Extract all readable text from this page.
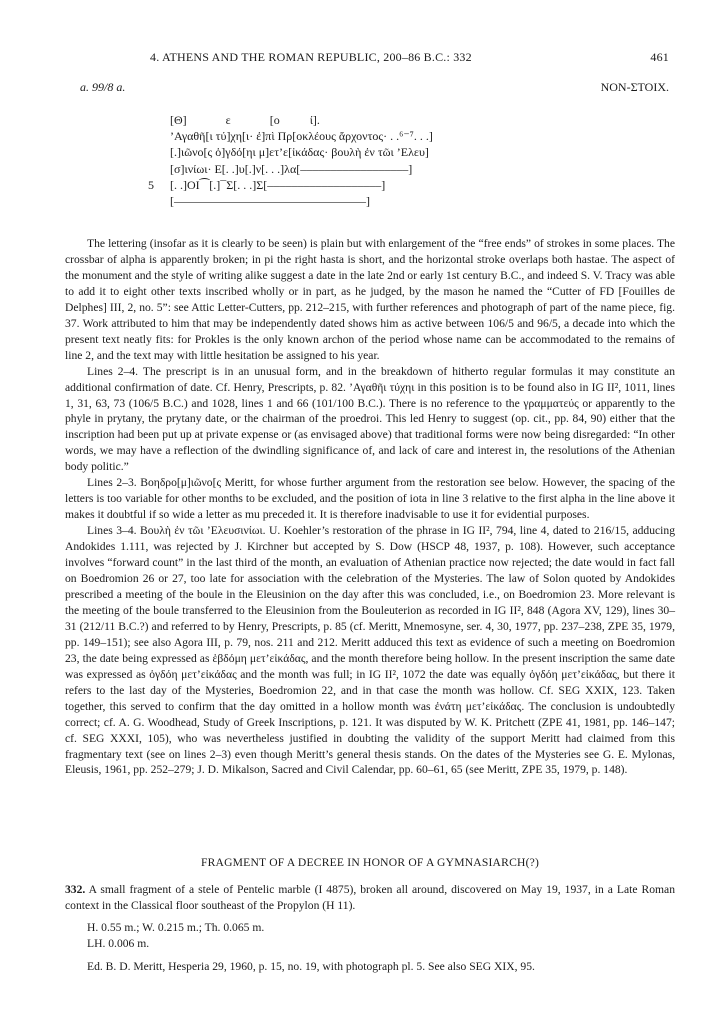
4. ATHENS AND THE ROMAN REPUBLIC, 200–86 B.C.: 332	461
a. 99/8 a.	NON-ΣΤΟΙΧ.
[Θ]             ε             [ο          ί].
’Αγαθῆ[ι τύ]χη[ι· ἐ]πὶ Πρ[οκλέους ἄρχοντος· . .⁶⁻⁷. . .]
[.]ιῶνο[ς ὀ]γδό[ηι μ]ετ’ε[ἰκάδας· βουλὴ ἐν τῶι ’Ελευ]
[σ]ινίωι· Ε[. .]υ[.]ν[. . .]λα[––––––––––––––––––]
5 [. .]ΟΙ⁀[.]¯Σ[. . .]Σ[–––––––––––––––––––]
[––––––––––––––––––––––––––––––––]

The lettering (insofar as it is clearly to be seen) is plain but with enlargement of the “free ends” of strokes in some places. The crossbar of alpha is apparently broken; in pi the right hasta is short, and the horizontal stroke overlaps both hastae. The aspect of the monument and the style of writing alike suggest a date in the late 2nd or early 1st century B.C., and indeed S. V. Tracy was able to add it to eight other texts inscribed wholly or in part, as he judged, by the mason he named the “Cutter of FD [Fouilles de Delphes] III, 2, no. 5”: see Attic Letter-Cutters, pp. 212–215, with further references and photograph of part of the name piece, fig. 37. Work attributed to him that may be independently dated shows him as active between 106/5 and 96/5, a decade into which the present text neatly fits: for Prokles is the only known archon of the period whose name can be accommodated to the remains of line 2, and the text may with little hesitation be assigned to his year.

Lines 2–4. The prescript is in an unusual form, and in the breakdown of hitherto regular formulas it may constitute an additional confirmation of date. Cf. Henry, Prescripts, p. 82. ’Αγαθῆι τύχηι in this position is to be found also in IG II², 1011, lines 1, 31, 63, 73 (106/5 B.C.) and 1028, lines 1 and 66 (101/100 B.C.). There is no reference to the γραμματεύς or apparently to the phyle in prytany, the prytany date, or the chairman of the proedroi. This led Henry to suggest (op. cit., pp. 84, 90) either that the inscription had been put up at private expense or (as envisaged above) that traditional forms were now being disregarded: “In other words, we may have a reflection of the dwindling significance of, and lack of care and interest in, the resolutions of the Athenian body politic.”

Lines 2–3. Βοηδρο[μ]ιῶνο[ς Meritt, for whose further argument from the restoration see below. However, the spacing of the letters is too variable for other months to be excluded, and the position of iota in line 3 relative to the first alpha in the line above it makes it doubtful if so wide a letter as mu preceded it. It is therefore inadvisable to use it for evidential purposes.

Lines 3–4. Βουλὴ ἐν τῶι ’Ελευσινίωι. U. Koehler’s restoration of the phrase in IG II², 794, line 4, dated to 216/15, adducing Andokides 1.111, was rejected by J. Kirchner but accepted by S. Dow (HSCP 48, 1937, p. 108). However, such acceptance involves “forward count” in the last third of the month, an evaluation of Athenian practice now rejected; the date would in fact fall on Boedromion 26 or 27, too late for association with the celebration of the Mysteries. The law of Solon quoted by Andokides prescribed a meeting of the boule in the Eleusinion on the day after this was concluded, i.e., on Boedromion 23. More relevant is the meeting of the boule transferred to the Eleusinion from the Bouleuterion as recorded in IG II², 848 (Agora XV, 129), lines 30–31 (212/11 B.C.?) and referred to by Henry, Prescripts, p. 85 (cf. Meritt, Mnemosyne, ser. 4, 30, 1977, pp. 237–238, ZPE 35, 1979, pp. 149–151); see also Agora III, p. 79, nos. 211 and 212. Meritt adduced this text as evidence of such a meeting on Boedromion 23, the date being expressed as ἑβδόμη μετ’εἰκάδας, and the month therefore being hollow. In the present inscription the same date was expressed as ὀγδόη μετ’εἰκάδας and the month was full; in IG II², 1072 the date was equally ὀγδόη μετ’εἰκάδας, but there it refers to the last day of the Mysteries, Boedromion 22, and in that case the month was hollow. Cf. SEG XXIX, 123. Taken together, this served to confirm that the day omitted in a hollow month was ἐνάτη μετ’εἰκάδας. The conclusion is undoubtedly correct; cf. A. G. Woodhead, Study of Greek Inscriptions, p. 121. It was disputed by W. K. Pritchett (ZPE 41, 1981, pp. 146–147; cf. SEG XXXI, 105), who was nevertheless justified in doubting the validity of the support Meritt had claimed from this fragmentary text (see on lines 2–3) even though Meritt’s general thesis stands. On the dates of the Mysteries see G. E. Mylonas, Eleusis, 1961, pp. 252–279; J. D. Mikalson, Sacred and Civil Calendar, pp. 60–61, 65 (see Meritt, ZPE 35, 1979, p. 148).

FRAGMENT OF A DECREE IN HONOR OF A GYMNASIARCH(?)

332. A small fragment of a stele of Pentelic marble (I 4875), broken all around, discovered on May 19, 1937, in a Late Roman context in the Classical floor southeast of the Propylon (H 11).

H. 0.55 m.; W. 0.215 m.; Th. 0.065 m.
LH. 0.006 m.

Ed. B. D. Meritt, Hesperia 29, 1960, p. 15, no. 19, with photograph pl. 5. See also SEG XIX, 95.
